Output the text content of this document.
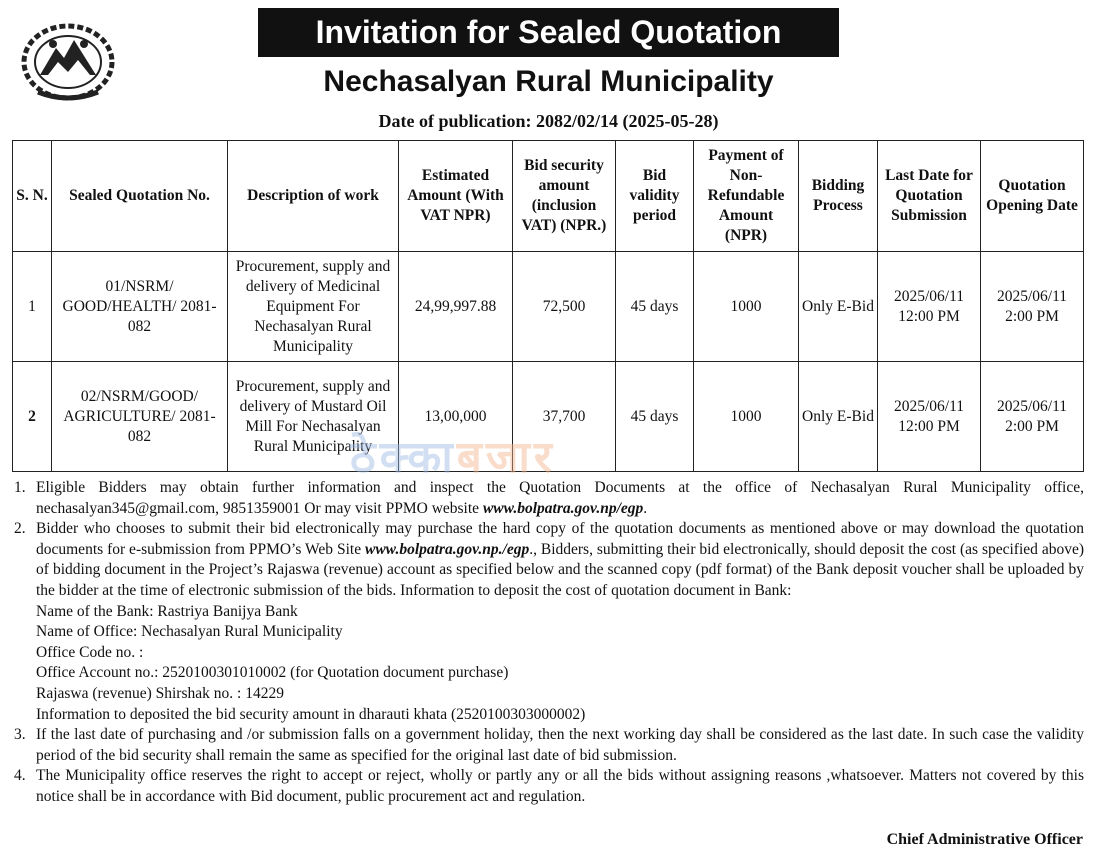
Invitation for Sealed Quotation
Nechasalyan Rural Municipality
Date of publication: 2082/02/14 (2025-05-28)
S. N.	Sealed Quotation No.	Description of work	Estimated Amount (With VAT NPR)	Bid security amount (inclusion VAT) (NPR.)	Bid validity period	Payment of Non-Refundable Amount (NPR)	Bidding Process	Last Date for Quotation Submission	Quotation Opening Date
1	01/NSRM/ GOOD/HEALTH/ 2081-082	Procurement, supply and delivery of Medicinal Equipment For Nechasalyan Rural Municipality	24,99,997.88	72,500	45 days	1000	Only E-Bid	2025/06/11 12:00 PM	2025/06/11 2:00 PM
2	02/NSRM/GOOD/ AGRICULTURE/ 2081-082	Procurement, supply and delivery of Mustard Oil Mill For Nechasalyan Rural Municipality	13,00,000	37,700	45 days	1000	Only E-Bid	2025/06/11 12:00 PM	2025/06/11 2:00 PM
ठेक्काबजार
1. Eligible Bidders may obtain further information and inspect the Quotation Documents at the office of Nechasalyan Rural Municipality office, nechasalyan345@gmail.com, 9851359001 Or may visit PPMO website www.bolpatra.gov.np/egp.
2. Bidder who chooses to submit their bid electronically may purchase the hard copy of the quotation documents as mentioned above or may download the quotation documents for e-submission from PPMO’s Web Site www.bolpatra.gov.np./egp., Bidders, submitting their bid electronically, should deposit the cost (as specified above) of bidding document in the Project’s Rajaswa (revenue) account as specified below and the scanned copy (pdf format) of the Bank deposit voucher shall be uploaded by the bidder at the time of electronic submission of the bids. Information to deposit the cost of quotation document in Bank:
Name of the Bank: Rastriya Banijya Bank
Name of Office: Nechasalyan Rural Municipality
Office Code no. :
Office Account no.: 2520100301010002 (for Quotation document purchase)
Rajaswa (revenue) Shirshak no. : 14229
Information to deposited the bid security amount in dharauti khata (2520100303000002)
3. If the last date of purchasing and /or submission falls on a government holiday, then the next working day shall be considered as the last date. In such case the validity period of the bid security shall remain the same as specified for the original last date of bid submission.
4. The Municipality office reserves the right to accept or reject, wholly or partly any or all the bids without assigning reasons ,whatsoever. Matters not covered by this notice shall be in accordance with Bid document, public procurement act and regulation.
Chief Administrative Officer
